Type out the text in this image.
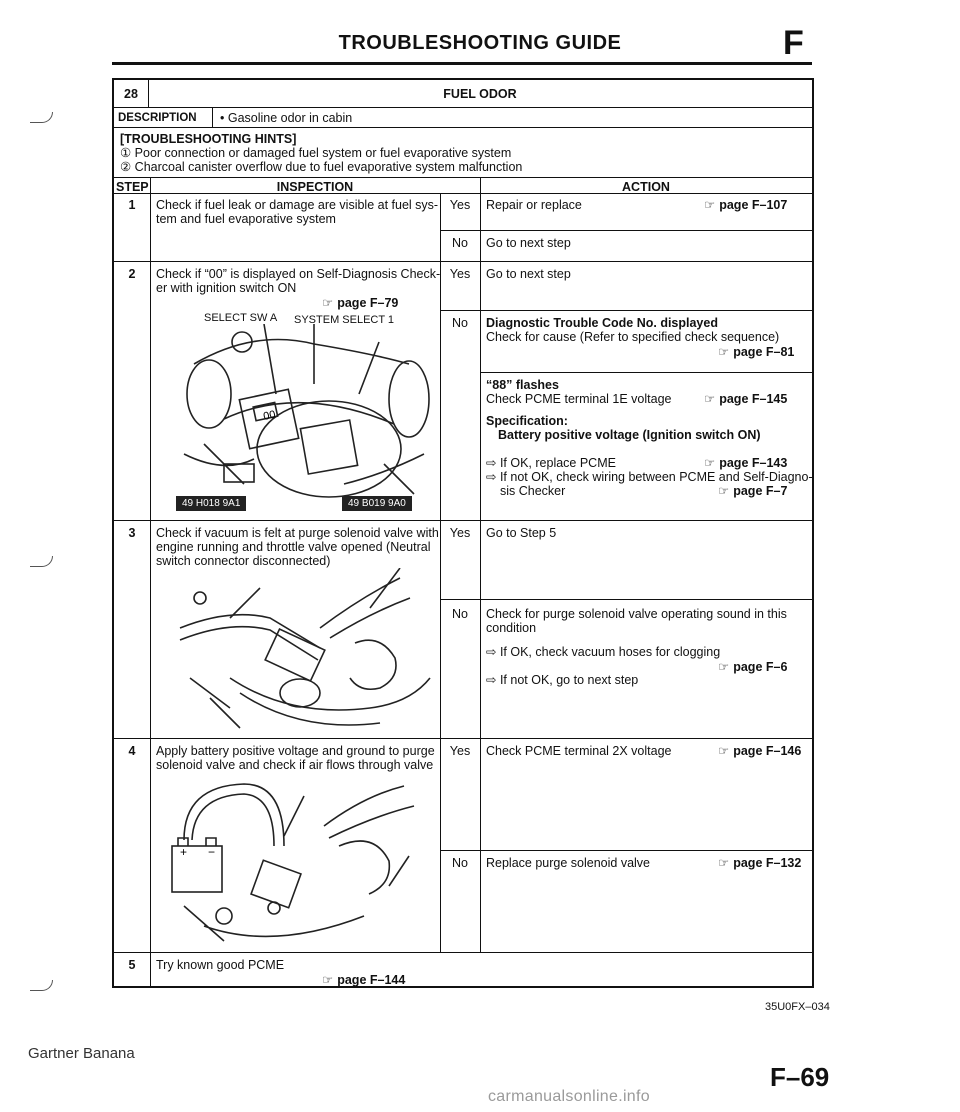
TROUBLESHOOTING GUIDE	F
28	FUEL ODOR
DESCRIPTION • Gasoline odor in cabin
[TROUBLESHOOTING HINTS]
① Poor connection or damaged fuel system or fuel evaporative system
② Charcoal canister overflow due to fuel evaporative system malfunction
STEP	INSPECTION	ACTION
1	Check if fuel leak or damage are visible at fuel sys-
tem and fuel evaporative system
Yes	Repair or replace	☞ page F–107
No	Go to next step
2	Check if “00” is displayed on Self-Diagnosis Check-
er with ignition switch ON
☞ page F–79
SELECT SW A SYSTEM SELECT 1
TEST SW
SEFT TEST
00
49 H018 9A1	49 B019 9A0
Yes	Go to next step
No	Diagnostic Trouble Code No. displayed
Check for cause (Refer to specified check sequence)
☞ page F–81
“88” flashes
Check PCME terminal 1E voltage	☞ page F–145
Specification:
Battery positive voltage (Ignition switch ON)
⇨ If OK, replace PCME	☞ page F–143
⇨ If not OK, check wiring between PCME and Self-Diagno-
sis Checker	☞ page F–7
3	Check if vacuum is felt at purge solenoid valve with
engine running and throttle valve opened (Neutral
switch connector disconnected)
Yes	Go to Step 5
No	Check for purge solenoid valve operating sound in this
condition
⇨ If OK, check vacuum hoses for clogging
☞ page F–6
⇨ If not OK, go to next step
4	Apply battery positive voltage and ground to purge
solenoid valve and check if air flows through valve
+ −
Yes	Check PCME terminal 2X voltage	☞ page F–146
No	Replace purge solenoid valve	☞ page F–132
5	Try known good PCME
☞ page F–144
35U0FX–034
Gartner Banana
F–69
carmanualsonline.info
